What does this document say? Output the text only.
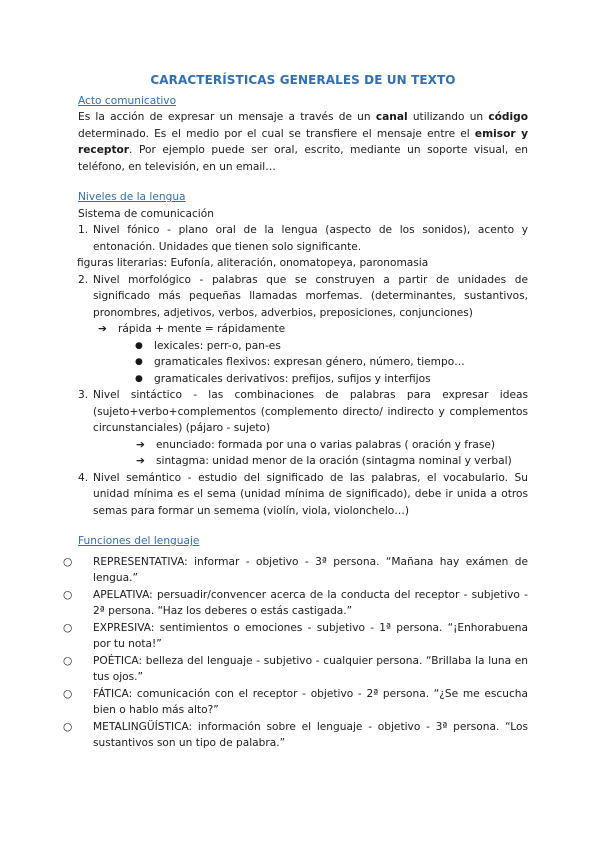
CARACTERÍSTICAS GENERALES DE UN TEXTO

Acto comunicativo

Es la acción de expresar un mensaje a través de un canal utilizando un código determinado. Es el medio por el cual se transfiere el mensaje entre el emisor y receptor. Por ejemplo puede ser oral, escrito, mediante un soporte visual, en teléfono, en televisión, en un email…

Niveles de la lengua

Sistema de comunicación

1. Nivel fónico - plano oral de la lengua (aspecto de los sonidos), acento y entonación. Unidades que tienen solo significante.

figuras literarias: Eufonía, aliteración, onomatopeya, paronomasia

2. Nivel morfológico - palabras que se construyen a partir de unidades de significado más pequeñas llamadas morfemas. (determinantes, sustantivos, pronombres, adjetivos, verbos, adverbios, preposiciones, conjunciones)

➔ rápida + mente = rápidamente

● lexicales: perr-o, pan-es
● gramaticales flexivos: expresan género, número, tiempo…
● gramaticales derivativos: prefijos, sufijos y interfijos
3. Nivel sintáctico - las combinaciones de palabras para expresar ideas (sujeto+verbo+complementos (complemento directo/ indirecto y complementos circunstanciales) (pájaro - sujeto)

➔ enunciado: formada por una o varias palabras ( oración y frase)

➔ sintagma: unidad menor de la oración (sintagma nominal y verbal)

4. Nivel semántico - estudio del significado de las palabras, el vocabulario. Su unidad mínima es el sema (unidad mínima de significado), debe ir unida a otros semas para formar un semema (violín, viola, violonchelo…)

Funciones del lenguaje

○ REPRESENTATIVA: informar - objetivo - 3ª persona. “Mañana hay exámen de lengua.”
○ APELATIVA: persuadir/convencer acerca de la conducta del receptor - subjetivo - 2ª persona. “Haz los deberes o estás castigada.”
○ EXPRESIVA: sentimientos o emociones - subjetivo - 1ª persona. “¡Enhorabuena por tu nota!”
○ POÉTICA: belleza del lenguaje - subjetivo - cualquier persona. “Brillaba la luna en tus ojos.”
○ FÁTICA: comunicación con el receptor - objetivo - 2ª persona. “¿Se me escucha bien o hablo más alto?”
○ METALINGÜÍSTICA: información sobre el lenguaje - objetivo - 3ª persona. “Los sustantivos son un tipo de palabra.”
